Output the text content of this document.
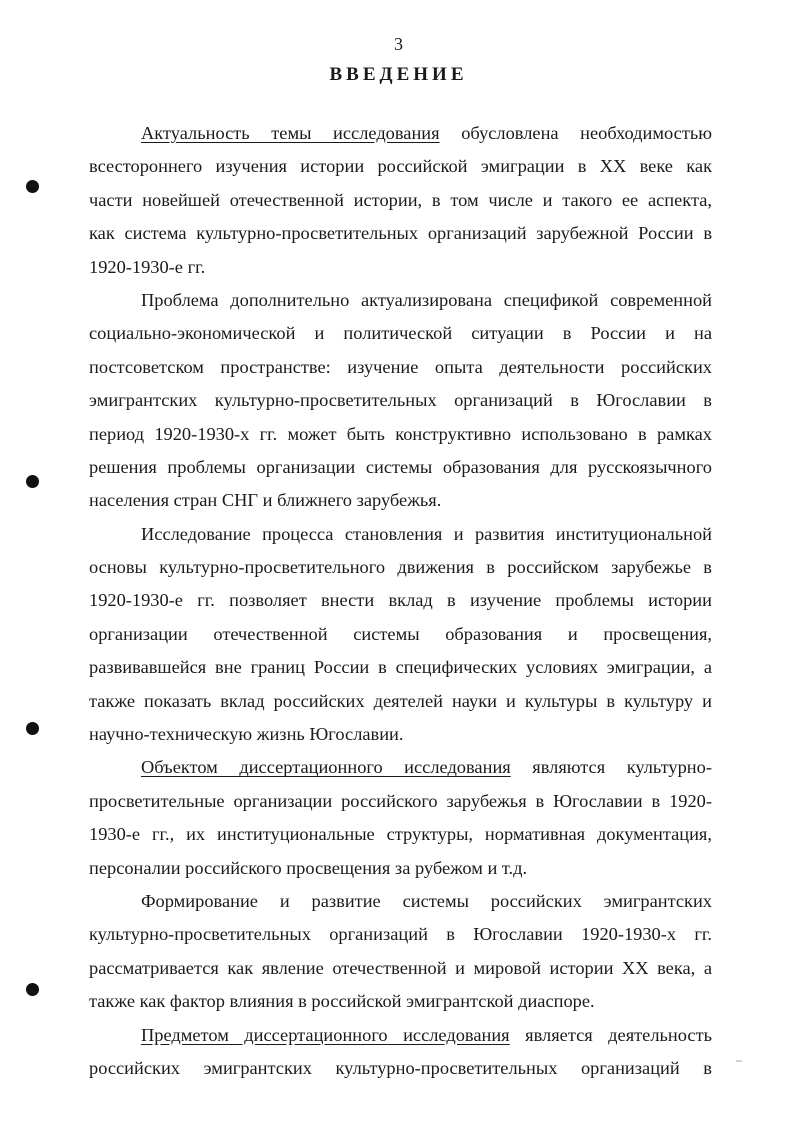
3
ВВЕДЕНИЕ
Актуальность темы исследования обусловлена необходимостью
всестороннего изучения истории российской эмиграции в XX веке как
части новейшей отечественной истории, в том числе и такого ее аспекта,
как система культурно-просветительных организаций зарубежной России в
1920-1930-е гг.
Проблема дополнительно актуализирована спецификой современной
социально-экономической и политической ситуации в России и на
постсоветском пространстве: изучение опыта деятельности российских
эмигрантских культурно-просветительных организаций в Югославии в
период 1920-1930-х гг. может быть конструктивно использовано в рамках
решения проблемы организации системы образования для русскоязычного
населения стран СНГ и ближнего зарубежья.
Исследование процесса становления и развития институциональной
основы культурно-просветительного движения в российском зарубежье в
1920-1930-е гг. позволяет внести вклад в изучение проблемы истории
организации отечественной системы образования и просвещения,
развивавшейся вне границ России в специфических условиях эмиграции, а
также показать вклад российских деятелей науки и культуры в культуру и
научно-техническую жизнь Югославии.
Объектом диссертационного исследования являются культурно-
просветительные организации российского зарубежья в Югославии в 1920-
1930-е гг., их институциональные структуры, нормативная документация,
персоналии российского просвещения за рубежом и т.д.
Формирование и развитие системы российских эмигрантских
культурно-просветительных организаций в Югославии 1920-1930-х гг.
рассматривается как явление отечественной и мировой истории XX века, а
также как фактор влияния в российской эмигрантской диаспоре.
Предметом диссертационного исследования является деятельность
российских эмигрантских культурно-просветительных организаций в
